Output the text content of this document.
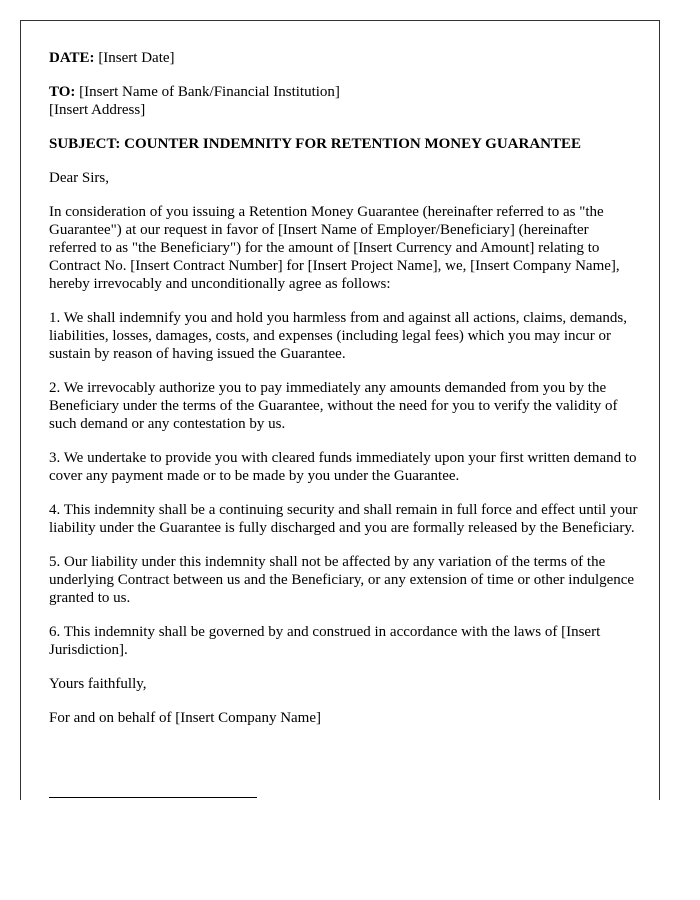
DATE: [Insert Date]

TO: [Insert Name of Bank/Financial Institution]
[Insert Address]

SUBJECT: COUNTER INDEMNITY FOR RETENTION MONEY GUARANTEE

Dear Sirs,

In consideration of you issuing a Retention Money Guarantee (hereinafter referred to as "the Guarantee") at our request in favor of [Insert Name of Employer/Beneficiary] (hereinafter referred to as "the Beneficiary") for the amount of [Insert Currency and Amount] relating to Contract No. [Insert Contract Number] for [Insert Project Name], we, [Insert Company Name], hereby irrevocably and unconditionally agree as follows:

1. We shall indemnify you and hold you harmless from and against all actions, claims, demands, liabilities, losses, damages, costs, and expenses (including legal fees) which you may incur or sustain by reason of having issued the Guarantee.

2. We irrevocably authorize you to pay immediately any amounts demanded from you by the Beneficiary under the terms of the Guarantee, without the need for you to verify the validity of such demand or any contestation by us.

3. We undertake to provide you with cleared funds immediately upon your first written demand to cover any payment made or to be made by you under the Guarantee.

4. This indemnity shall be a continuing security and shall remain in full force and effect until your liability under the Guarantee is fully discharged and you are formally released by the Beneficiary.

5. Our liability under this indemnity shall not be affected by any variation of the terms of the underlying Contract between us and the Beneficiary, or any extension of time or other indulgence granted to us.

6. This indemnity shall be governed by and construed in accordance with the laws of [Insert Jurisdiction].

Yours faithfully,

For and on behalf of [Insert Company Name]
